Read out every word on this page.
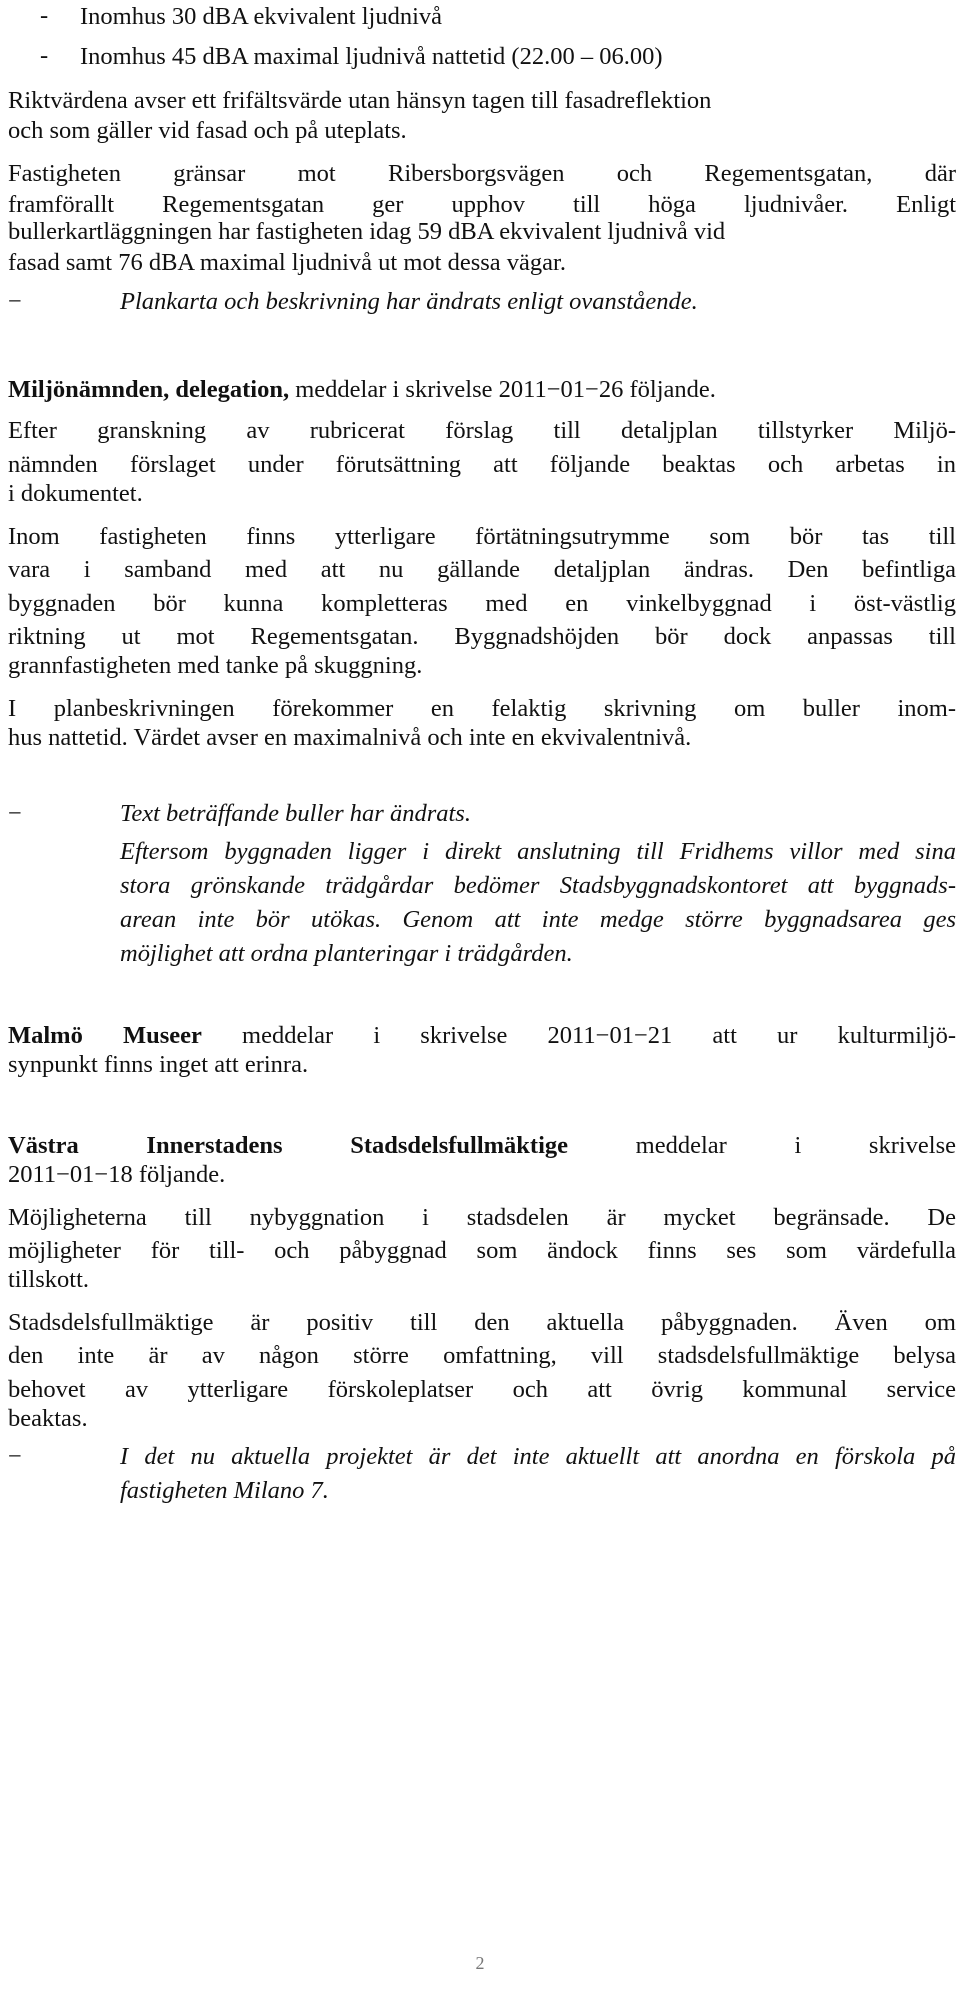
- Inomhus 30 dBA ekvivalent ljudnivå
- Inomhus 45 dBA maximal ljudnivå nattetid (22.00 – 06.00)
Riktvärdena avser ett frifältsvärde utan hänsyn tagen till fasadreflektion
och som gäller vid fasad och på uteplats.
Fastigheten gränsar mot Ribersborgsvägen och Regementsgatan, där
framförallt Regementsgatan ger upphov till höga ljudnivåer. Enligt
bullerkartläggningen har fastigheten idag 59 dBA ekvivalent ljudnivå vid
fasad samt 76 dBA maximal ljudnivå ut mot dessa vägar.
−	Plankarta och beskrivning har ändrats enligt ovanstående.
Miljönämnden, delegation, meddelar i skrivelse 2011−01−26 följande.
Efter granskning av rubricerat förslag till detaljplan tillstyrker Miljö-
nämnden förslaget under förutsättning att följande beaktas och arbetas in
i dokumentet.
Inom fastigheten finns ytterligare förtätningsutrymme som bör tas till
vara i samband med att nu gällande detaljplan ändras. Den befintliga
byggnaden bör kunna kompletteras med en vinkelbyggnad i öst-västlig
riktning ut mot Regementsgatan. Byggnadshöjden bör dock anpassas till
grannfastigheten med tanke på skuggning.
I planbeskrivningen förekommer en felaktig skrivning om buller inom-
hus nattetid. Värdet avser en maximalnivå och inte en ekvivalentnivå.
−	Text beträffande buller har ändrats.
Eftersom byggnaden ligger i direkt anslutning till Fridhems villor med sina
stora grönskande trädgårdar bedömer Stadsbyggnadskontoret att byggnads-
arean inte bör utökas. Genom att inte medge större byggnadsarea ges
möjlighet att ordna planteringar i trädgården.
Malmö Museer meddelar i skrivelse 2011−01−21 att ur kulturmiljö-
synpunkt finns inget att erinra.
Västra Innerstadens Stadsdelsfullmäktige meddelar i skrivelse
2011−01−18 följande.
Möjligheterna till nybyggnation i stadsdelen är mycket begränsade. De
möjligheter för till- och påbyggnad som ändock finns ses som värdefulla
tillskott.
Stadsdelsfullmäktige är positiv till den aktuella påbyggnaden. Även om
den inte är av någon större omfattning, vill stadsdelsfullmäktige belysa
behovet av ytterligare förskoleplatser och att övrig kommunal service
beaktas.
−	I det nu aktuella projektet är det inte aktuellt att anordna en förskola på
fastigheten Milano 7.
2
